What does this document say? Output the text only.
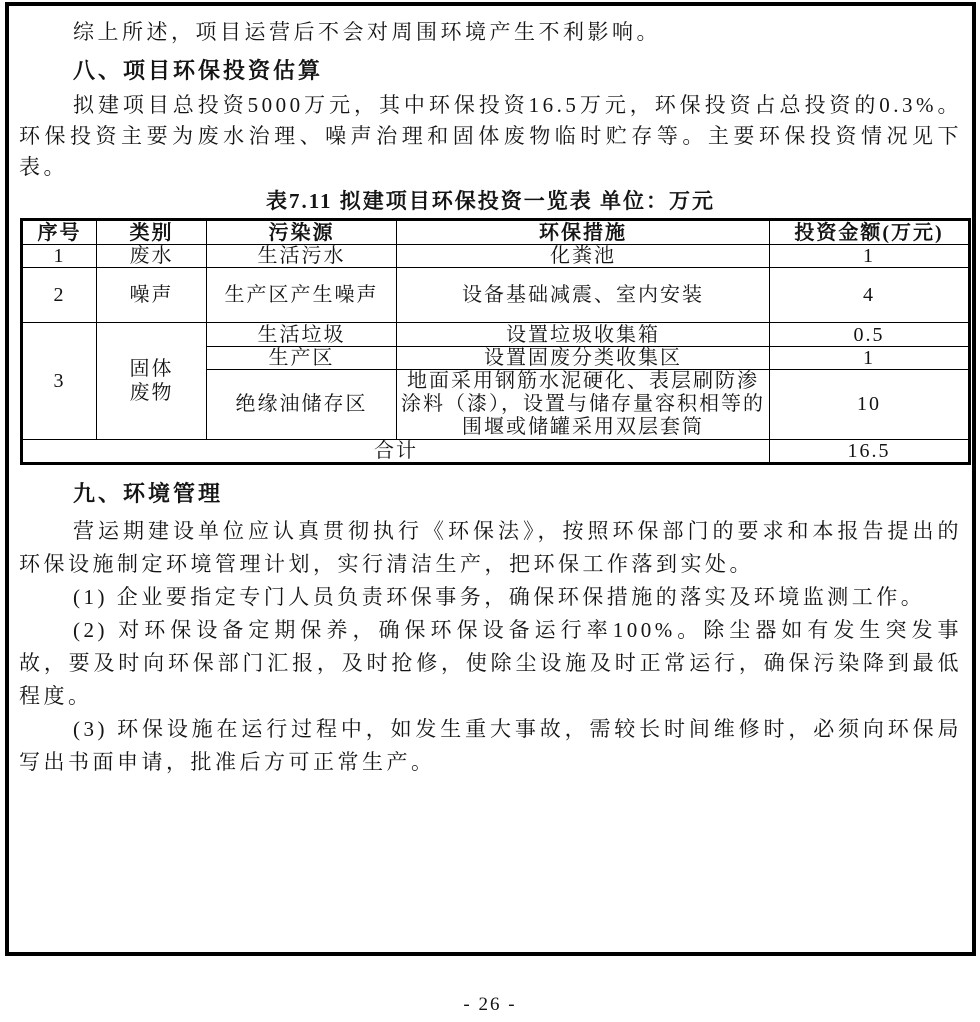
综上所述，项目运营后不会对周围环境产生不利影响。

八、项目环保投资估算

拟建项目总投资5000万元，其中环保投资16.5万元，环保投资占总投资的0.3%。环保投资主要为废水治理、噪声治理和固体废物临时贮存等。主要环保投资情况见下表。

表7.11 拟建项目环保投资一览表 单位：万元
序号	类别	污染源	环保措施	投资金额(万元)
1	废水	生活污水	化粪池	1
2	噪声	生产区产生噪声	设备基础减震、室内安装	4
3	固体废物	生活垃圾	设置垃圾收集箱	0.5
		生产区	设置固废分类收集区	1
		绝缘油储存区	地面采用钢筋水泥硬化、表层刷防渗涂料（漆），设置与储存量容积相等的围堰或储罐采用双层套筒	10
合计				16.5
九、环境管理

营运期建设单位应认真贯彻执行《环保法》，按照环保部门的要求和本报告提出的环保设施制定环境管理计划，实行清洁生产，把环保工作落到实处。

(1) 企业要指定专门人员负责环保事务，确保环保措施的落实及环境监测工作。

(2) 对环保设备定期保养，确保环保设备运行率100%。除尘器如有发生突发事故，要及时向环保部门汇报，及时抢修，使除尘设施及时正常运行，确保污染降到最低程度。

(3) 环保设施在运行过程中，如发生重大事故，需较长时间维修时，必须向环保局写出书面申请，批准后方可正常生产。

- 26 -
